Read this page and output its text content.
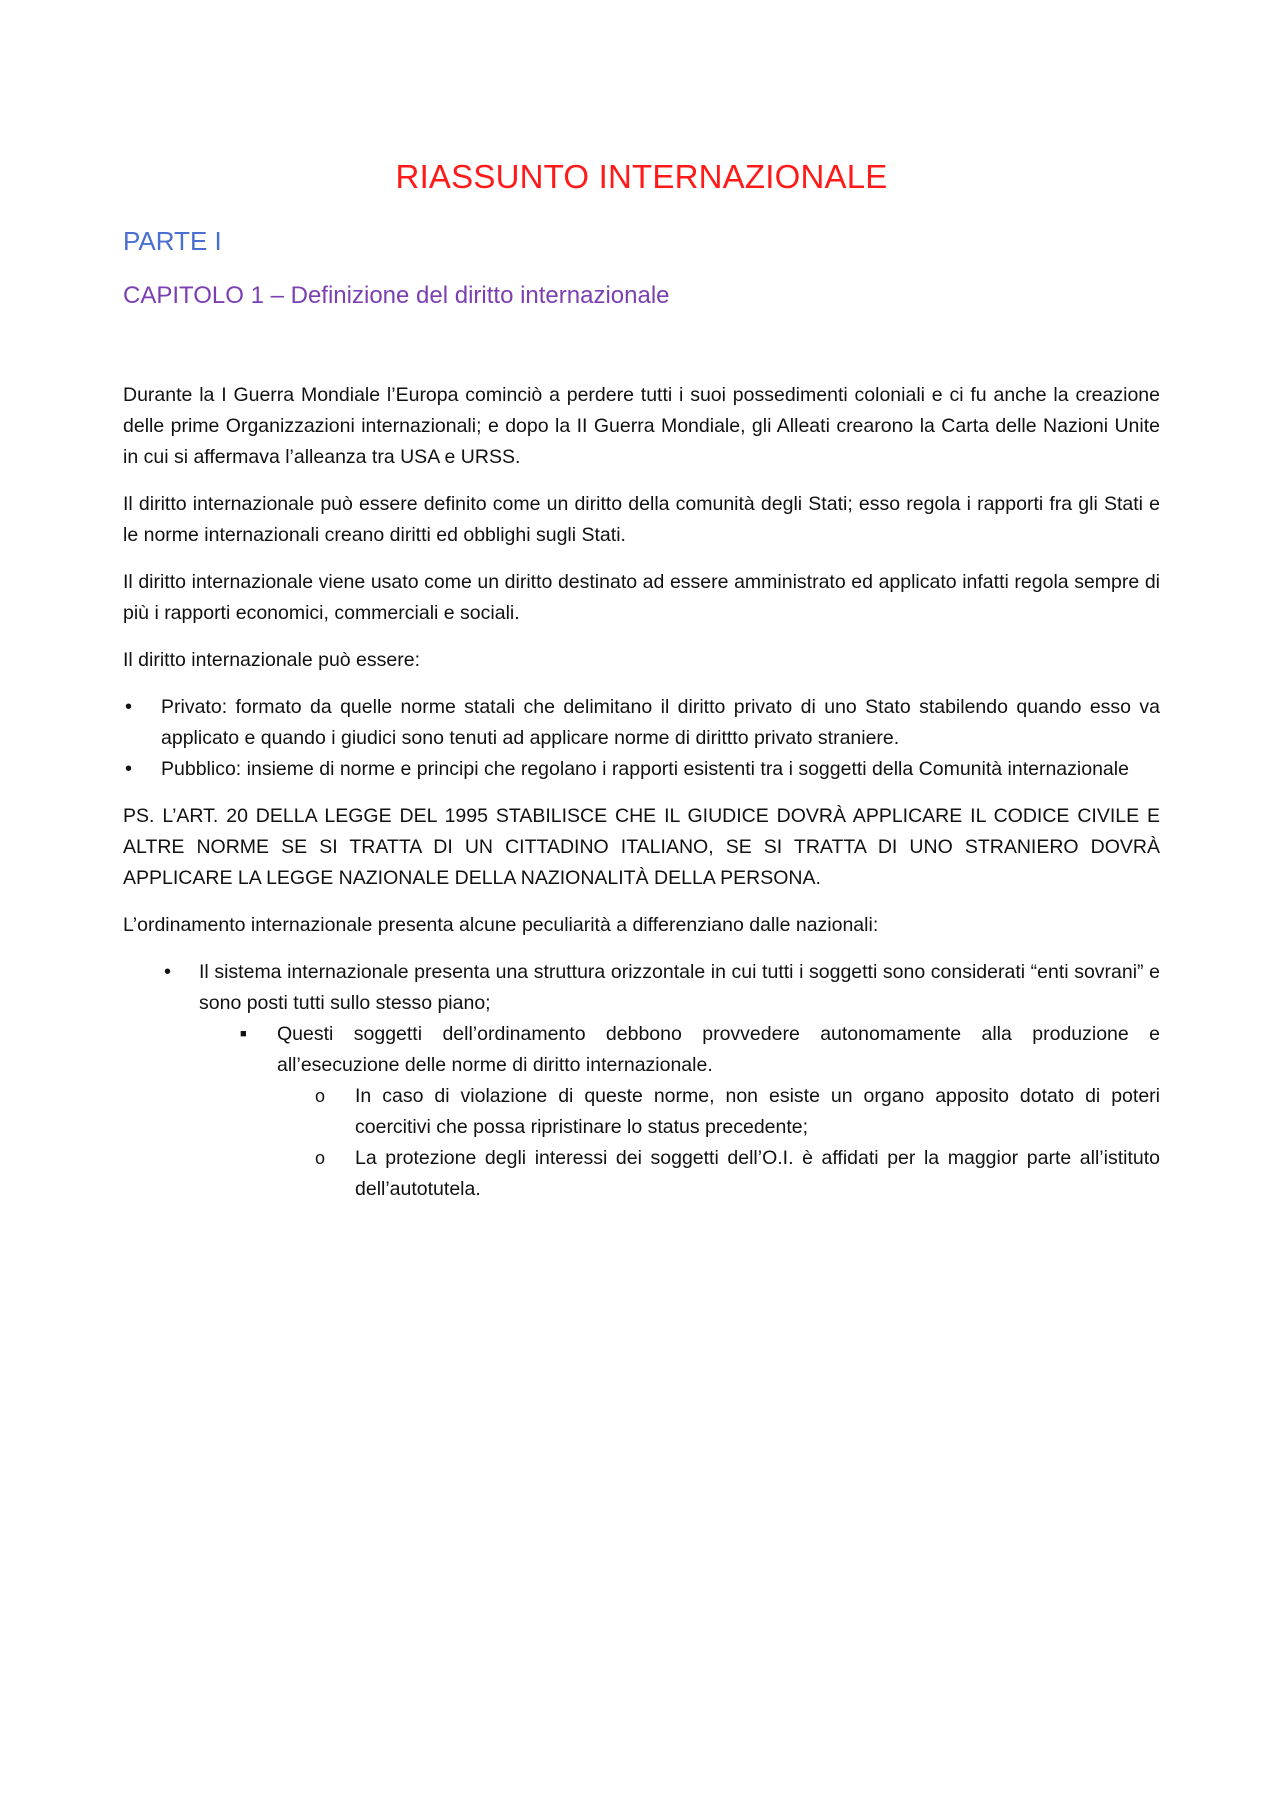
RIASSUNTO INTERNAZIONALE
PARTE I
CAPITOLO 1 – Definizione del diritto internazionale

Durante la I Guerra Mondiale l’Europa cominciò a perdere tutti i suoi possedimenti coloniali e ci fu anche la creazione delle prime Organizzazioni internazionali; e dopo la II Guerra Mondiale, gli Alleati crearono la Carta delle Nazioni Unite in cui si affermava l’alleanza tra USA e URSS.

Il diritto internazionale può essere definito come un diritto della comunità degli Stati; esso regola i rapporti fra gli Stati e le norme internazionali creano diritti ed obblighi sugli Stati.

Il diritto internazionale viene usato come un diritto destinato ad essere amministrato ed applicato infatti regola sempre di più i rapporti economici, commerciali e sociali.

Il diritto internazionale può essere:

• Privato: formato da quelle norme statali che delimitano il diritto privato di uno Stato stabilendo quando esso va applicato e quando i giudici sono tenuti ad applicare norme di dirittto privato straniere.
• Pubblico: insieme di norme e principi che regolano i rapporti esistenti tra i soggetti della Comunità internazionale

PS. L’ART. 20 DELLA LEGGE DEL 1995 STABILISCE CHE IL GIUDICE DOVRÀ APPLICARE IL CODICE CIVILE E ALTRE NORME SE SI TRATTA DI UN CITTADINO ITALIANO, SE SI TRATTA DI UNO STRANIERO DOVRÀ APPLICARE LA LEGGE NAZIONALE DELLA NAZIONALITÀ DELLA PERSONA.

L’ordinamento internazionale presenta alcune peculiarità a differenziano dalle nazionali:

• Il sistema internazionale presenta una struttura orizzontale in cui tutti i soggetti sono considerati “enti sovrani” e sono posti tutti sullo stesso piano;
■ Questi soggetti dell’ordinamento debbono provvedere autonomamente alla produzione e all’esecuzione delle norme di diritto internazionale.
o In caso di violazione di queste norme, non esiste un organo apposito dotato di poteri coercitivi che possa ripristinare lo status precedente;
o La protezione degli interessi dei soggetti dell’O.I. è affidati per la maggior parte all’istituto dell’autotutela.
